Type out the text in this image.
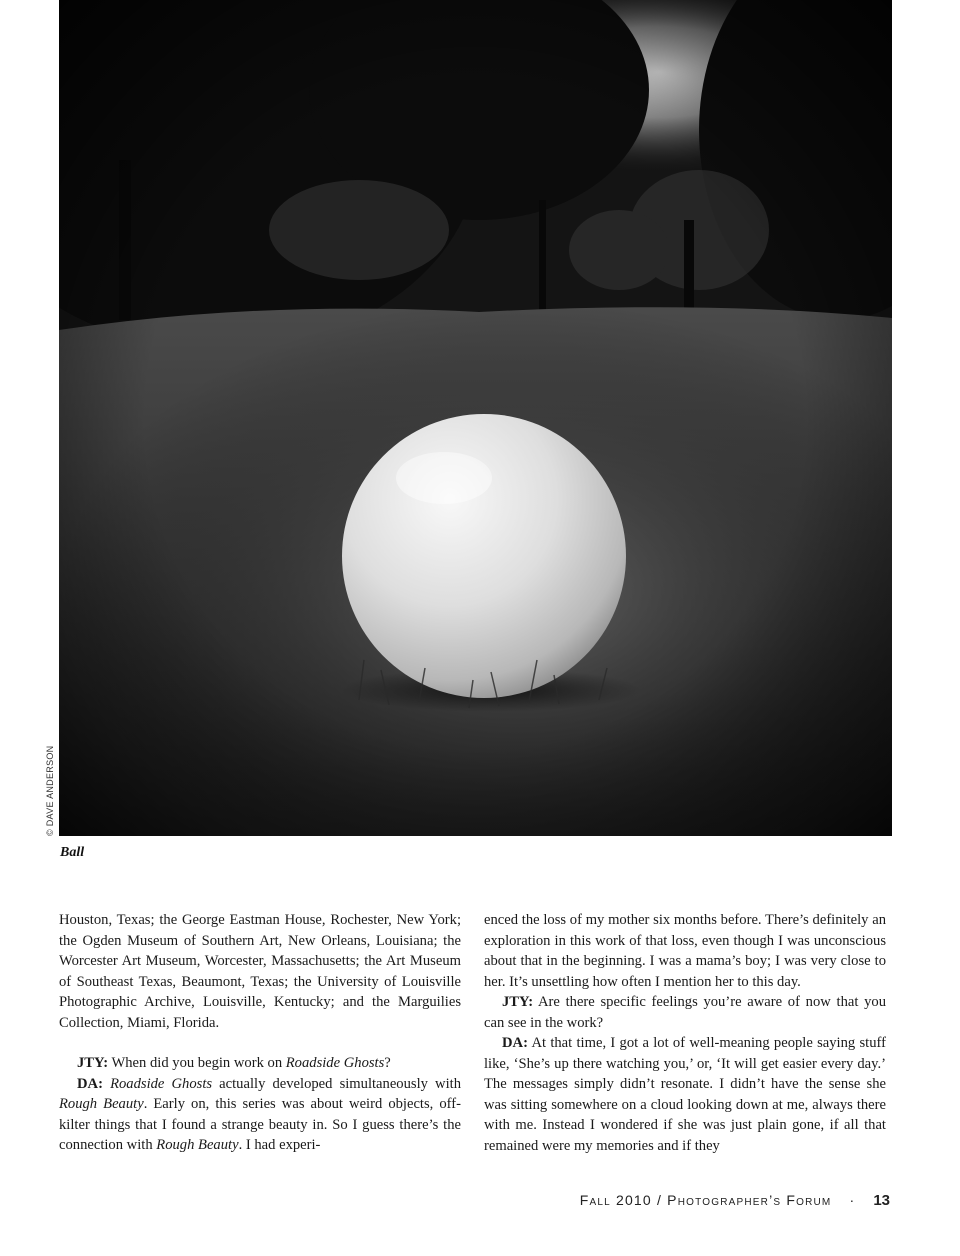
© DAVE ANDERSON
Ball

Houston, Texas; the George Eastman House, Rochester, New York; the Ogden Museum of Southern Art, New Orleans, Louisiana; the Worcester Art Museum, Worcester, Massachusetts; the Art Museum of Southeast Texas, Beaumont, Texas; the University of Louisville Photographic Archive, Louisville, Kentucky; and the Marguilies Collection, Miami, Florida.

JTY: When did you begin work on Roadside Ghosts?

DA: Roadside Ghosts actually developed simultaneously with Rough Beauty. Early on, this series was about weird objects, off-kilter things that I found a strange beauty in. So I guess there’s the connection with Rough Beauty. I had experi-

enced the loss of my mother six months before. There’s definitely an exploration in this work of that loss, even though I was unconscious about that in the beginning. I was a mama’s boy; I was very close to her. It’s unsettling how often I mention her to this day.

JTY: Are there specific feelings you’re aware of now that you can see in the work?

DA: At that time, I got a lot of well-meaning people saying stuff like, ‘She’s up there watching you,’ or, ‘It will get easier every day.’ The messages simply didn’t resonate. I didn’t have the sense she was sitting somewhere on a cloud looking down at me, always there with me. Instead I wondered if she was just plain gone, if all that remained were my memories and if they

Fall 2010 / Photographer’s Forum · 13
